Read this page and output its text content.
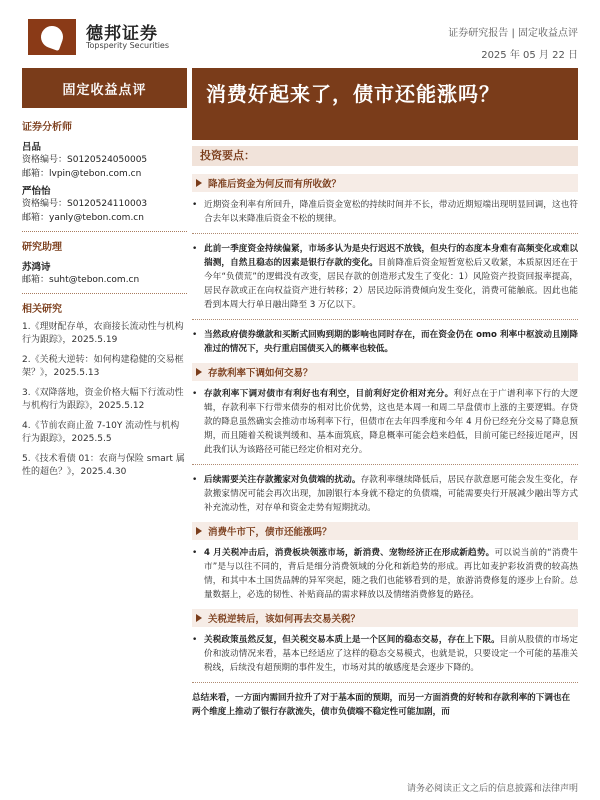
德邦证券
Topsperity Securities
证券研究报告 | 固定收益点评
2025 年 05 月 22 日
固定收益点评	消费好起来了，债市还能涨吗？
证券分析师
吕品
资格编号：S0120524050005
邮箱：lvpin@tebon.com.cn
严怡怡
资格编号：S0120524110003
邮箱：yanly@tebon.com.cn
研究助理
苏鸿诗
邮箱：suht@tebon.com.cn
相关研究
1.《理财配存单，农商接长流动性与机构行为跟踪》，2025.5.19
2.《关税大逆转：如何构建稳健的交易框架？》，2025.5.13
3.《双降落地，资金价格大幅下行流动性与机构行为跟踪》，2025.5.12
4.《节前农商止盈 7-10Y 流动性与机构行为跟踪》，2025.5.5
5.《技术看债 01：农商与保险 smart 属性的超色？》，2025.4.30
投资要点：
降准后资金为何反而有所收敛？
• 近期资金利率有所回升，降准后资金宽松的持续时间并不长，带动近期短端出现明显回调，这也符合去年以来降准后资金不松的规律。
• 此前一季度资金持续偏紧，市场多认为是央行迟迟不放钱，但央行的态度本身难有高频变化或难以揣测，自然且稳态的因素是银行存款的变化。目前降准后资金短暂宽松后又收紧，本质原因还在于今年“负债荒”的逻辑没有改变，居民存款的创造形式发生了变化：1）风险资产投资回报率提高，居民存款或正在向权益资产进行转移；2）居民边际消费倾向发生变化，消费可能触底。因此也能看到本周大行单日融出降至 3 万亿以下。
• 当然政府债券缴款和买断式回购到期的影响也同时存在，而在资金仍在 omo 利率中枢波动且刚降准过的情况下，央行重启国债买入的概率也较低。
存款利率下调如何交易？
• 存款利率下调对债市有利好也有利空，目前利好定价相对充分。利好点在于广谱利率下行的大逻辑，存款利率下行带来债券的相对比价优势，这也是本周一和周二早盘债市上涨的主要逻辑。存贷款的降息虽然确实会推动市场利率下行，但债市在去年四季度和今年 4 月份已经充分交易了降息预期，而且随着关税谈判缓和、基本面筑底，降息概率可能会趋来趋低，目前可能已经接近尾声，因此我们认为该路径可能已经定价相对充分。
• 后续需要关注存款搬家对负债端的扰动。存款利率继续降低后，居民存款意愿可能会发生变化，存款搬家情况可能会再次出现，加剧银行本身就不稳定的负债端，可能需要央行开展减少融出等方式补充流动性，对存单和资金走势有短期扰动。
消费牛市下，债市还能涨吗？
• 4 月关税冲击后，消费板块领涨市场，新消费、宠物经济正在形成新趋势。可以说当前的“消费牛市”是与以往不同的，背后是细分消费领域的分化和新趋势的形成。再比如麦护彩妆消费的较高热情，和其中本土国货品牌的异军突起，随之我们也能够看到的是，旅游消费修复的逐步上台阶。总量数据上，必选的韧性、补贴商品的需求释放以及情绪消费修复的路径。
关税逆转后，该如何再去交易关税？
• 关税政策虽然反复，但关税交易本质上是一个区间的稳态交易，存在上下限。目前从股债的市场定价和波动情况来看，基本已经适应了这样的稳态交易模式，也就是说，只要设定一个可能的基准关税线，后续没有超预期的事件发生，市场对其的敏感度是会逐步下降的。
总结来看，一方面内需回升拉升了对于基本面的预期，而另一方面消费的好转和存款利率的下调也在两个维度上推动了银行存款流失，债市负债端不稳定性可能加剧，而
请务必阅读正文之后的信息披露和法律声明
